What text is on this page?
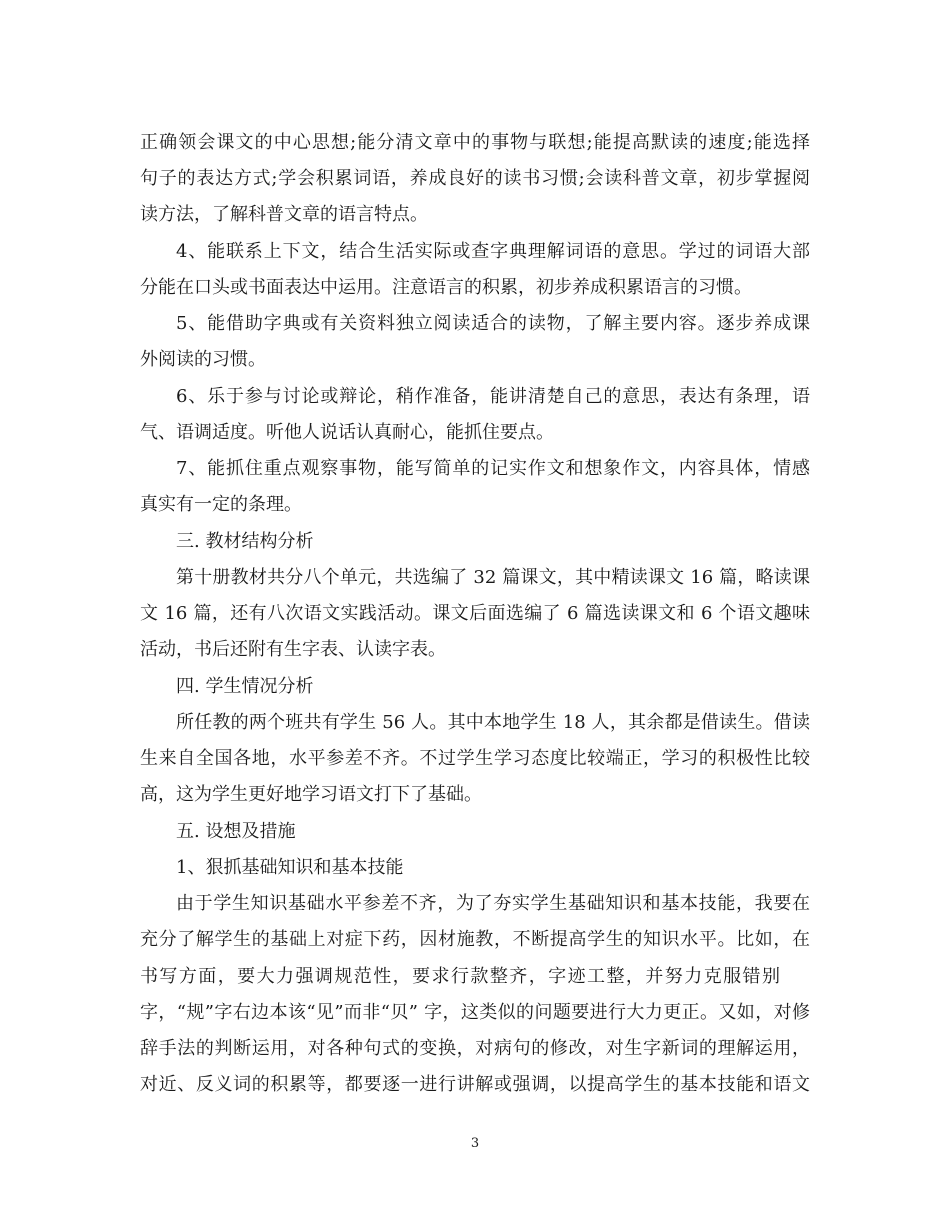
正确领会课文的中心思想;能分清文章中的事物与联想;能提高默读的速度;能选择
句子的表达方式;学会积累词语，养成良好的读书习惯;会读科普文章，初步掌握阅
读方法，了解科普文章的语言特点。
4、能联系上下文，结合生活实际或查字典理解词语的意思。学过的词语大部
分能在口头或书面表达中运用。注意语言的积累，初步养成积累语言的习惯。
5、能借助字典或有关资料独立阅读适合的读物，了解主要内容。逐步养成课
外阅读的习惯。
6、乐于参与讨论或辩论，稍作准备，能讲清楚自己的意思，表达有条理，语
气、语调适度。听他人说话认真耐心，能抓住要点。
7、能抓住重点观察事物，能写简单的记实作文和想象作文，内容具体，情感
真实有一定的条理。
三. 教材结构分析
第十册教材共分八个单元，共选编了 32 篇课文，其中精读课文 16 篇，略读课
文 16 篇，还有八次语文实践活动。课文后面选编了 6 篇选读课文和 6 个语文趣味
活动，书后还附有生字表、认读字表。
四. 学生情况分析
所任教的两个班共有学生 56 人。其中本地学生 18 人，其余都是借读生。借读
生来自全国各地，水平参差不齐。不过学生学习态度比较端正，学习的积极性比较
高，这为学生更好地学习语文打下了基础。
五. 设想及措施
1、狠抓基础知识和基本技能
由于学生知识基础水平参差不齐，为了夯实学生基础知识和基本技能，我要在
充分了解学生的基础上对症下药，因材施教，不断提高学生的知识水平。比如，在
书写方面，要大力强调规范性，要求行款整齐，字迹工整，并努力克服错别
字，“规”字右边本该“见”而非“贝” 字，这类似的问题要进行大力更正。又如，对修
辞手法的判断运用，对各种句式的变换，对病句的修改，对生字新词的理解运用，
对近、反义词的积累等，都要逐一进行讲解或强调，以提高学生的基本技能和语文
3
